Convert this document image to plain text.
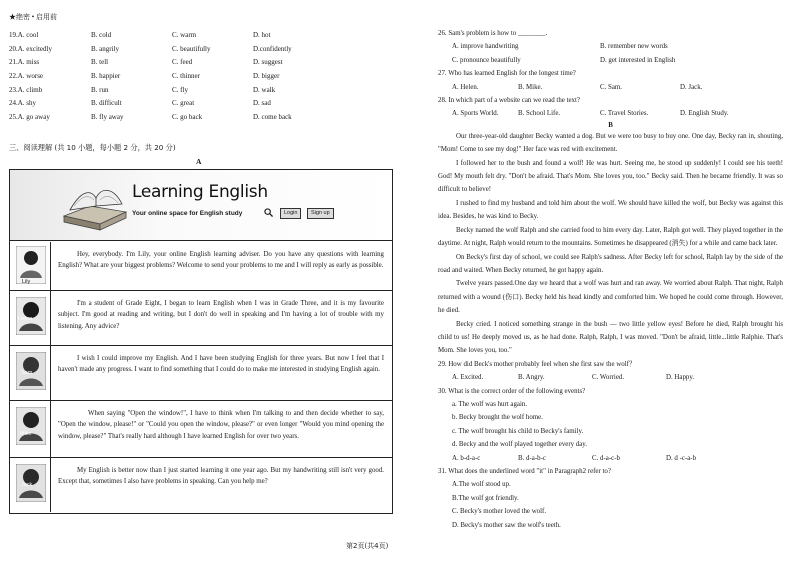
★绝密 • 启用前
19.A. cool	B. cold	C. warm	D. hot
20.A. excitedly	B. angrily	C. beautifully	D.confidently
21.A. miss	B. tell	C. feed	D. suggest
22.A. worse	B. happier	C. thinner	D. bigger
23.A. climb	B. run	C. fly	D. walk
24.A. shy	B. difficult	C. great	D. sad
25.A. go away	B. fly away	C. go back	D. come back
三、阅读理解 (共 10 小题，每小题 2 分，共 20 分)
A
Learning English
Your online space for English study	Login	Sign up
Lily
Hey, everybody. I'm Lily, your online English learning adviser. Do you have any questions with learning English? What are your biggest problems? Welcome to send your problems to me and I will reply as early as possible.
Helen
I'm a student of Grade Eight, I began to learn English when I was in Grade Three, and it is my favourite subject. I'm good at reading and writing, but I don't do well in speaking and I'm having a lot of trouble with my listening. Any advice?
Sam
I wish I could improve my English. And I have been studying English for three years. But now I feel that I haven't made any progress. I want to find something that I could do to make me interested in studying English again.
Mike
When saying "Open the window!", I have to think when I'm talking to and then decide whether to say, "Open the window, please!" or "Could you open the window, please?" or even longer "Would you mind opening the window, please?" That's really hard although I have learned English for over two years.
Jack
My English is better now than I just started learning it one year ago. But my handwriting still isn't very good. Except that, sometimes I also have problems in speaking. Can you help me?

26. Sam's problem is how to ________.

A. improve handwriting	B. remember new words
C. pronounce beautifully	D. get interested in English

27. Who has learned English for the longest time?

A. Helen.	B. Mike.	C. Sam.	D. Jack.

28. In which part of a website can we read the text?

A. Sports World.	B. School Life.	C. Travel Stories.	D. English Study.

B

Our three-year-old daughter Becky wanted a dog. But we were too busy to buy one. One day, Becky ran in, shouting, "Mom! Come to see my dog!" Her face was red with excitement.

I followed her to the bush and found a wolf! He was hurt. Seeing me, he stood up suddenly! I could see his teeth! God! My mouth felt dry. "Don't be afraid. That's Mom. She loves you, too." Becky said. Then he became friendly. It was so difficult to believe!

I rushed to find my husband and told him about the wolf. We should have killed the wolf, but Becky was against this idea. Besides, he was kind to Becky.

Becky named the wolf Ralph and she carried food to him every day. Later, Ralph got well. They played together in the daytime. At night, Ralph would return to the mountains. Sometimes he disappeared (消失) for a while and came back later.

On Becky's first day of school, we could see Ralph's sadness. After Becky left for school, Ralph lay by the side of the road and waited. When Becky returned, he got happy again.

Twelve years passed.One day we heard that a wolf was hurt and ran away. We worried about Ralph. That night, Ralph returned with a wound (伤口). Becky held his head kindly and comforted him. We hoped he could come through. However, he died.

Becky cried. I noticed something strange in the bush — two little yellow eyes! Before he died, Ralph brought his child to us! He deeply moved us, as he had done. Ralph, Ralph, I was moved. "Don't be afraid, little...little Ralphie. That's Mom. She loves you, too."

29. How did Beck's mother probably feel when she first saw the wolf？

A. Excited.	B. Angry.	C. Worried.	D. Happy.

30. What is the correct order of the following events?

a. The wolf was hurt again.

b. Becky brought the wolf home.

c. The wolf brought his child to Becky's family.

d. Becky and the wolf played together every day.

A. b-d-a-c	B. d-a-b-c	C. d-a-c-b	D. d -c-a-b

31. What does the underlined word "it" in Paragraph2 refer to?

A.The wolf stood up.

B.The wolf got friendly.

C. Becky's mother loved the wolf.

D. Becky's mother saw the wolf's teeth.

第2页(共4页)
